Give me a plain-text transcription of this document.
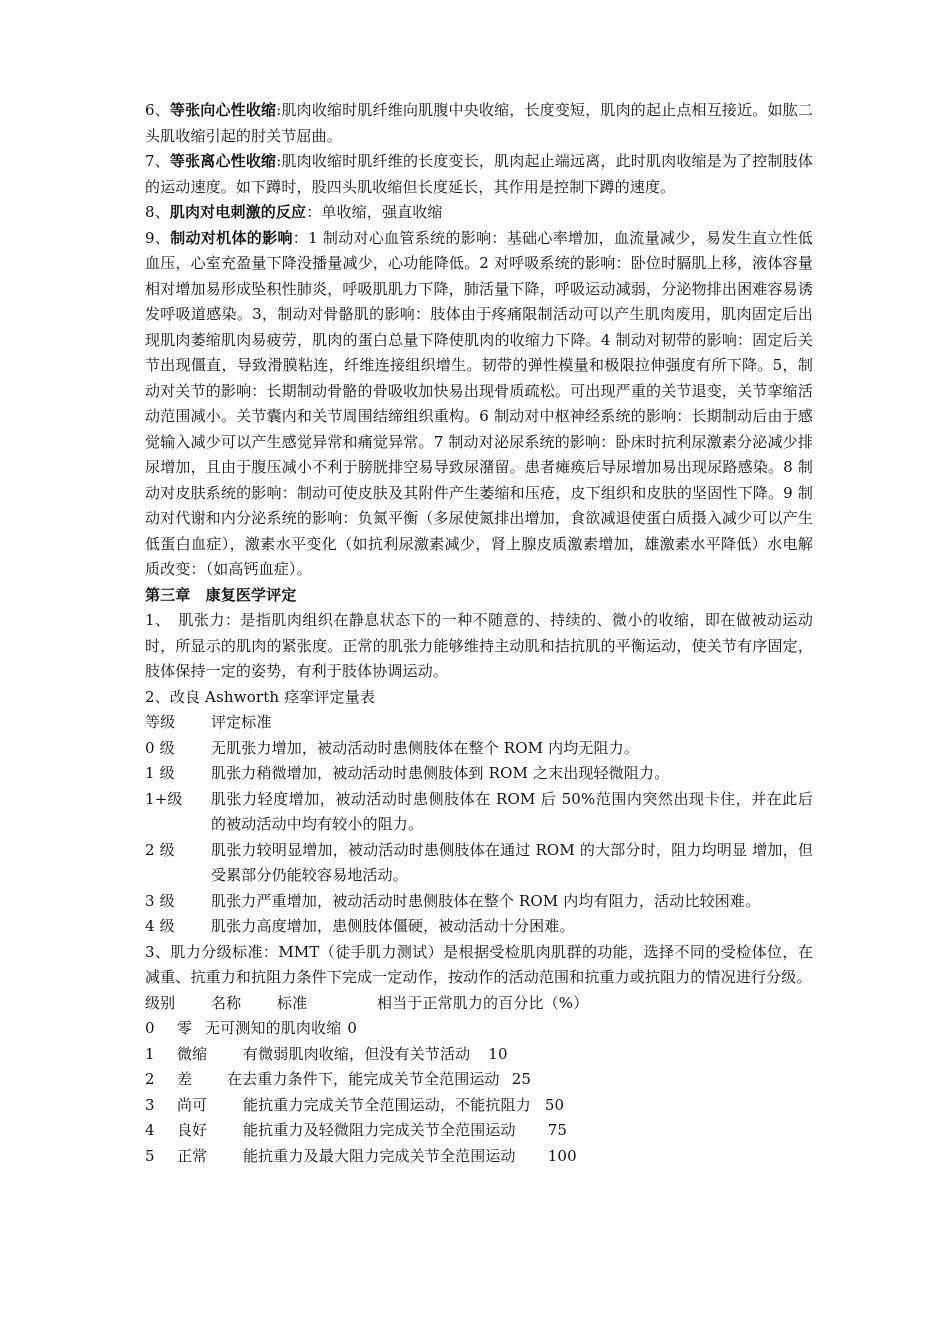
6、等张向心性收缩:肌肉收缩时肌纤维向肌腹中央收缩，长度变短，肌肉的起止点相互接近。如肱二头肌收缩引起的肘关节屈曲。

7、等张离心性收缩:肌肉收缩时肌纤维的长度变长，肌肉起止端远离，此时肌肉收缩是为了控制肢体的运动速度。如下蹲时，股四头肌收缩但长度延长，其作用是控制下蹲的速度。

8、肌肉对电刺激的反应：单收缩，强直收缩

9、制动对机体的影响：1 制动对心血管系统的影响：基础心率增加，血流量减少，易发生直立性低血压，心室充盈量下降没播量减少，心功能降低。2 对呼吸系统的影响：卧位时膈肌上移，液体容量相对增加易形成坠积性肺炎，呼吸肌肌力下降，肺活量下降，呼吸运动减弱，分泌物排出困难容易诱发呼吸道感染。3，制动对骨骼肌的影响：肢体由于疼痛限制活动可以产生肌肉废用，肌肉固定后出现肌肉萎缩肌肉易疲劳，肌肉的蛋白总量下降使肌肉的收缩力下降。4 制动对韧带的影响：固定后关节出现僵直，导致滑膜粘连，纤维连接组织增生。韧带的弹性模量和极限拉伸强度有所下降。5，制动对关节的影响：长期制动骨骼的骨吸收加快易出现骨质疏松。可出现严重的关节退变，关节挛缩活动范围减小。关节囊内和关节周围结缔组织重构。6 制动对中枢神经系统的影响：长期制动后由于感觉输入减少可以产生感觉异常和痛觉异常。7 制动对泌尿系统的影响：卧床时抗利尿激素分泌减少排尿增加，且由于腹压减小不利于膀胱排空易导致尿潴留。患者瘫痪后导尿增加易出现尿路感染。8 制动对皮肤系统的影响：制动可使皮肤及其附件产生萎缩和压疮，皮下组织和皮肤的坚固性下降。9 制动对代谢和内分泌系统的影响：负氮平衡（多尿使氮排出增加，食欲减退使蛋白质摄入减少可以产生低蛋白血症），激素水平变化（如抗利尿激素减少，肾上腺皮质激素增加，雄激素水平降低）水电解质改变：（如高钙血症）。

第三章　康复医学评定

1、　肌张力：是指肌肉组织在静息状态下的一种不随意的、持续的、微小的收缩，即在做被动运动时，所显示的肌肉的紧张度。正常的肌张力能够维持主动肌和拮抗肌的平衡运动，使关节有序固定，肢体保持一定的姿势，有利于肢体协调运动。

2、改良 Ashworth 痉挛评定量表

等级	评定标准
0 级	无肌张力增加，被动活动时患侧肢体在整个 ROM 内均无阻力。
1 级	肌张力稍微增加，被动活动时患侧肢体到 ROM 之末出现轻微阻力。
1+级	肌张力轻度增加，被动活动时患侧肢体在 ROM 后 50%范围内突然出现卡住，并在此后的被动活动中均有较小的阻力。
2 级	肌张力较明显增加，被动活动时患侧肢体在通过 ROM 的大部分时，阻力均明显 增加，但受累部分仍能较容易地活动。
3 级	肌张力严重增加，被动活动时患侧肢体在整个 ROM 内均有阻力，活动比较困难。
4 级	肌张力高度增加，患侧肢体僵硬，被动活动十分困难。

3、肌力分级标准：MMT（徒手肌力测试）是根据受检肌肉肌群的功能，选择不同的受检体位，在减重、抗重力和抗阻力条件下完成一定动作，按动作的活动范围和抗重力或抗阻力的情况进行分级。

级别 名称 标准	相当于正常肌力的百分比（%）
0 零 无可测知的肌肉收缩 0
1 微缩 有微弱肌肉收缩，但没有关节活动 10
2 差 在去重力条件下，能完成关节全范围运动 25
3 尚可 能抗重力完成关节全范围运动，不能抗阻力 50
4 良好 能抗重力及轻微阻力完成关节全范围运动 75
5 正常 能抗重力及最大阻力完成关节全范围运动 100
